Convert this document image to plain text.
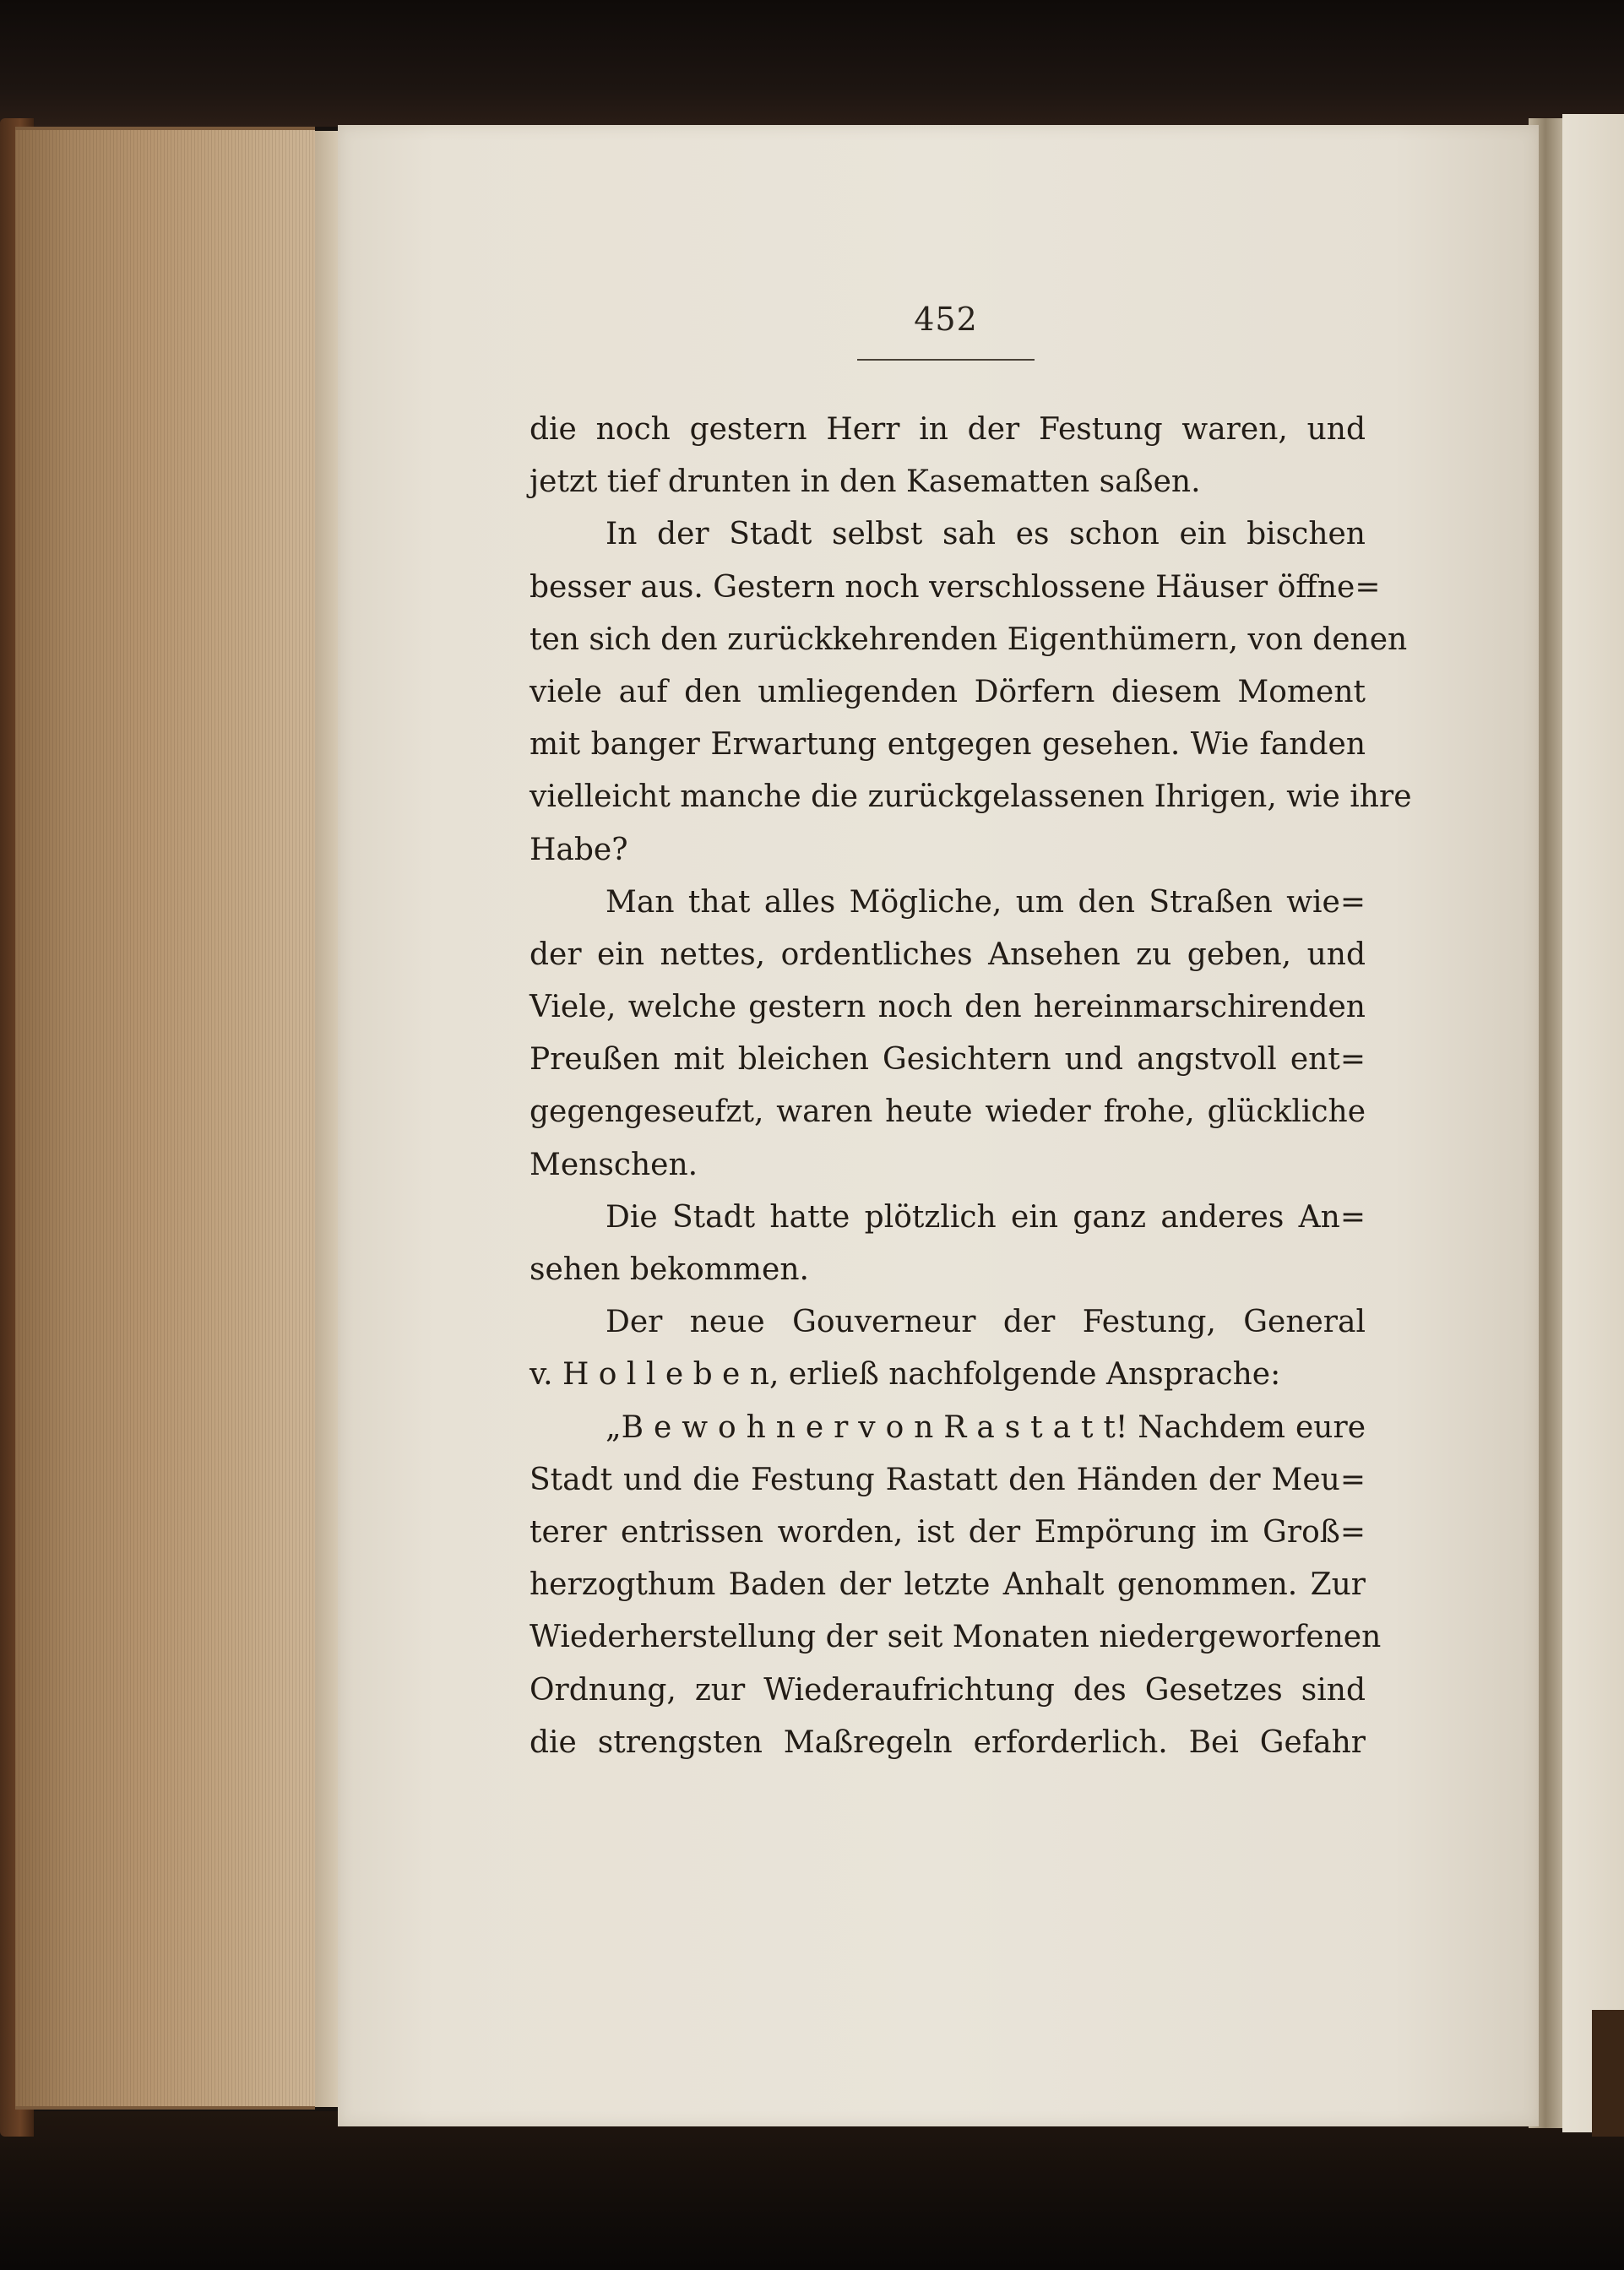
452
die noch gestern Herr in der Festung waren, und
jetzt tief drunten in den Kasematten saßen.
In der Stadt selbst sah es schon ein bischen
besser aus. Gestern noch verschlossene Häuser öffne=
ten sich den zurückkehrenden Eigenthümern, von denen
viele auf den umliegenden Dörfern diesem Moment
mit banger Erwartung entgegen gesehen. Wie fanden
vielleicht manche die zurückgelassenen Ihrigen, wie ihre
Habe?
Man that alles Mögliche, um den Straßen wie=
der ein nettes, ordentliches Ansehen zu geben, und
Viele, welche gestern noch den hereinmarschirenden
Preußen mit bleichen Gesichtern und angstvoll ent=
gegengeseufzt, waren heute wieder frohe, glückliche
Menschen.
Die Stadt hatte plötzlich ein ganz anderes An=
sehen bekommen.
Der neue Gouverneur der Festung, General
v. H o l l e b e n, erließ nachfolgende Ansprache:
„B e w o h n e r v o n R a s t a t t! Nachdem eure
Stadt und die Festung Rastatt den Händen der Meu=
terer entrissen worden, ist der Empörung im Groß=
herzogthum Baden der letzte Anhalt genommen. Zur
Wiederherstellung der seit Monaten niedergeworfenen
Ordnung, zur Wiederaufrichtung des Gesetzes sind
die strengsten Maßregeln erforderlich. Bei Gefahr
